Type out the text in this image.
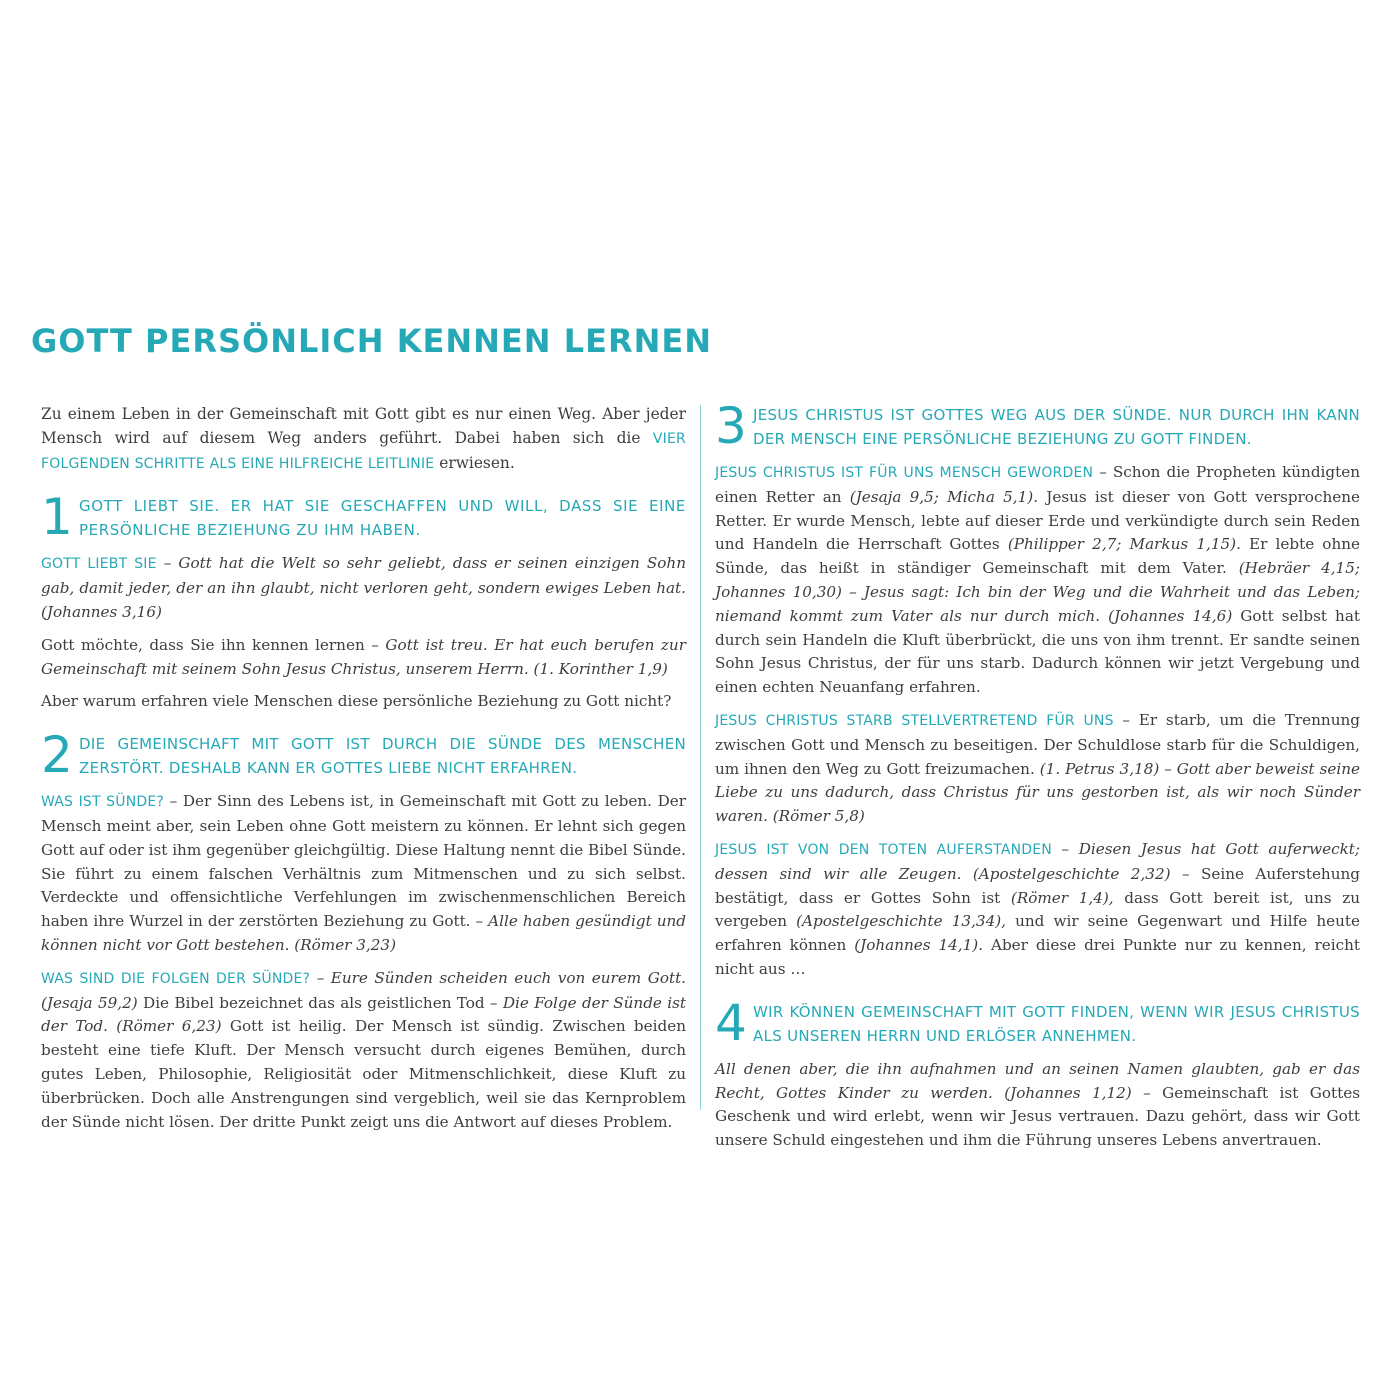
GOTT PERSÖNLICH KENNEN LERNEN

Zu einem Leben in der Gemeinschaft mit Gott gibt es nur einen Weg. Aber jeder Mensch wird auf diesem Weg anders geführt. Dabei haben sich die VIER FOLGENDEN SCHRITTE ALS EINE HILFREICHE LEITLINIE erwiesen.

1 GOTT LIEBT SIE. ER HAT SIE GESCHAFFEN UND WILL, DASS SIE EINE PERSÖNLICHE BEZIEHUNG ZU IHM HABEN.

GOTT LIEBT SIE – Gott hat die Welt so sehr geliebt, dass er seinen einzigen Sohn gab, damit jeder, der an ihn glaubt, nicht verloren geht, sondern ewiges Leben hat. (Johannes 3,16)

Gott möchte, dass Sie ihn kennen lernen – Gott ist treu. Er hat euch berufen zur Gemeinschaft mit seinem Sohn Jesus Christus, unserem Herrn. (1. Korinther 1,9)

Aber warum erfahren viele Menschen diese persönliche Beziehung zu Gott nicht?

2 DIE GEMEINSCHAFT MIT GOTT IST DURCH DIE SÜNDE DES MENSCHEN ZERSTÖRT. DESHALB KANN ER GOTTES LIEBE NICHT ERFAHREN.

WAS IST SÜNDE? – Der Sinn des Lebens ist, in Gemeinschaft mit Gott zu leben. Der Mensch meint aber, sein Leben ohne Gott meistern zu können. Er lehnt sich gegen Gott auf oder ist ihm gegenüber gleichgültig. Diese Haltung nennt die Bibel Sünde. Sie führt zu einem falschen Verhältnis zum Mitmenschen und zu sich selbst. Verdeckte und offensichtliche Verfehlungen im zwischenmenschlichen Bereich haben ihre Wurzel in der zerstörten Beziehung zu Gott. – Alle haben gesündigt und können nicht vor Gott bestehen. (Römer 3,23)

WAS SIND DIE FOLGEN DER SÜNDE? – Eure Sünden scheiden euch von eurem Gott. (Jesaja 59,2) Die Bibel bezeichnet das als geistlichen Tod – Die Folge der Sünde ist der Tod. (Römer 6,23) Gott ist heilig. Der Mensch ist sündig. Zwischen beiden besteht eine tiefe Kluft. Der Mensch versucht durch eigenes Bemühen, durch gutes Leben, Philosophie, Religiosität oder Mitmenschlichkeit, diese Kluft zu überbrücken. Doch alle Anstrengungen sind vergeblich, weil sie das Kernproblem der Sünde nicht lösen. Der dritte Punkt zeigt uns die Antwort auf dieses Problem.

3 JESUS CHRISTUS IST GOTTES WEG AUS DER SÜNDE. NUR DURCH IHN KANN DER MENSCH EINE PERSÖNLICHE BEZIEHUNG ZU GOTT FINDEN.

JESUS CHRISTUS IST FÜR UNS MENSCH GEWORDEN – Schon die Propheten kündigten einen Retter an (Jesaja 9,5; Micha 5,1). Jesus ist dieser von Gott versprochene Retter. Er wurde Mensch, lebte auf dieser Erde und verkündigte durch sein Reden und Handeln die Herrschaft Gottes (Philipper 2,7; Markus 1,15). Er lebte ohne Sünde, das heißt in ständiger Gemeinschaft mit dem Vater. (Hebräer 4,15; Johannes 10,30) – Jesus sagt: Ich bin der Weg und die Wahrheit und das Leben; niemand kommt zum Vater als nur durch mich. (Johannes 14,6) Gott selbst hat durch sein Handeln die Kluft überbrückt, die uns von ihm trennt. Er sandte seinen Sohn Jesus Christus, der für uns starb. Dadurch können wir jetzt Vergebung und einen echten Neuanfang erfahren.

JESUS CHRISTUS STARB STELLVERTRETEND FÜR UNS – Er starb, um die Trennung zwischen Gott und Mensch zu beseitigen. Der Schuldlose starb für die Schuldigen, um ihnen den Weg zu Gott freizumachen. (1. Petrus 3,18) – Gott aber beweist seine Liebe zu uns dadurch, dass Christus für uns gestorben ist, als wir noch Sünder waren. (Römer 5,8)

JESUS IST VON DEN TOTEN AUFERSTANDEN – Diesen Jesus hat Gott auferweckt; dessen sind wir alle Zeugen. (Apostelgeschichte 2,32) – Seine Auferstehung bestätigt, dass er Gottes Sohn ist (Römer 1,4), dass Gott bereit ist, uns zu vergeben (Apostelgeschichte 13,34), und wir seine Gegenwart und Hilfe heute erfahren können (Johannes 14,1). Aber diese drei Punkte nur zu kennen, reicht nicht aus …

4 WIR KÖNNEN GEMEINSCHAFT MIT GOTT FINDEN, WENN WIR JESUS CHRISTUS ALS UNSEREN HERRN UND ERLÖSER ANNEHMEN.

All denen aber, die ihn aufnahmen und an seinen Namen glaubten, gab er das Recht, Gottes Kinder zu werden. (Johannes 1,12) – Gemeinschaft ist Gottes Geschenk und wird erlebt, wenn wir Jesus vertrauen. Dazu gehört, dass wir Gott unsere Schuld eingestehen und ihm die Führung unseres Lebens anvertrauen.
